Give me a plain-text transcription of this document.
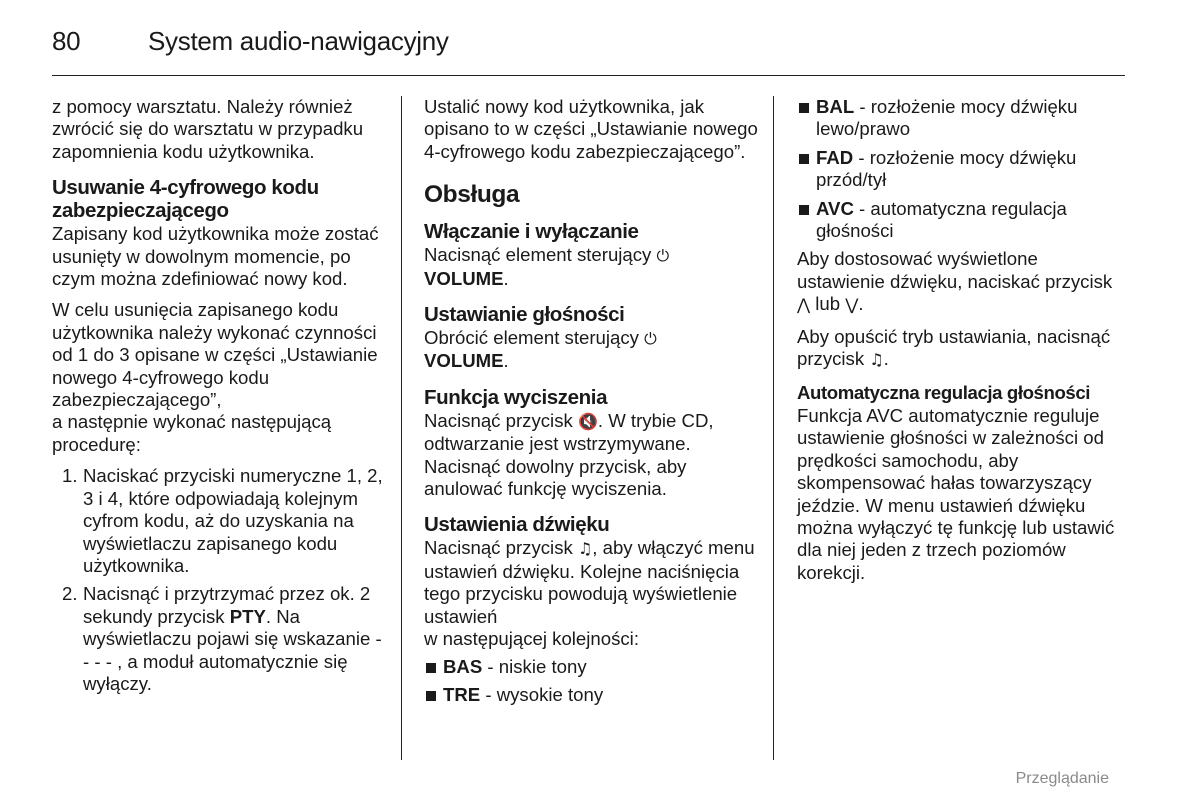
80	System audio-nawigacyjny

z pomocy warsztatu. Należy również zwrócić się do warsztatu w przypadku zapomnienia kodu użytkownika.

Usuwanie 4-cyfrowego kodu zabezpieczającego

Zapisany kod użytkownika może zostać usunięty w dowolnym momencie, po czym można zdefiniować nowy kod.

W celu usunięcia zapisanego kodu użytkownika należy wykonać czynności od 1 do 3 opisane w części „Ustawianie nowego 4-cyfrowego kodu zabezpieczającego”,

a następnie wykonać następującą procedurę:

1. Naciskać przyciski numeryczne 1, 2, 3 i 4, które odpowiadają kolejnym cyfrom kodu, aż do uzyskania na wyświetlaczu zapisanego kodu użytkownika.
2. Nacisnąć i przytrzymać przez ok. 2 sekundy przycisk PTY. Na wyświetlaczu pojawi się wskazanie - - - - , a moduł automatycznie się wyłączy.

Ustalić nowy kod użytkownika, jak opisano to w części „Ustawianie nowego 4-cyfrowego kodu zabezpieczającego”.

Obsługa
Włączanie i wyłączanie

Nacisnąć element sterujący ⏻
VOLUME.

Ustawianie głośności

Obrócić element sterujący ⏻
VOLUME.

Funkcja wyciszenia

Nacisnąć przycisk 🔇. W trybie CD, odtwarzanie jest wstrzymywane. Nacisnąć dowolny przycisk, aby anulować funkcję wyciszenia.

Ustawienia dźwięku

Nacisnąć przycisk ♫, aby włączyć menu ustawień dźwięku. Kolejne naciśnięcia tego przycisku powodują wyświetlenie ustawień

w następującej kolejności:

BAS - niskie tony
TRE - wysokie tony
BAL - rozłożenie mocy dźwięku lewo/prawo
FAD - rozłożenie mocy dźwięku przód/tył
AVC - automatyczna regulacja głośności

Aby dostosować wyświetlone ustawienie dźwięku, naciskać przycisk ⋀ lub ⋁.

Aby opuścić tryb ustawiania, nacisnąć przycisk ♫.

Automatyczna regulacja głośności

Funkcja AVC automatycznie reguluje ustawienie głośności w zależności od prędkości samochodu, aby skompensować hałas towarzyszący jeździe. W menu ustawień dźwięku można wyłączyć tę funkcję lub ustawić dla niej jeden z trzech poziomów korekcji.

Przeglądanie
